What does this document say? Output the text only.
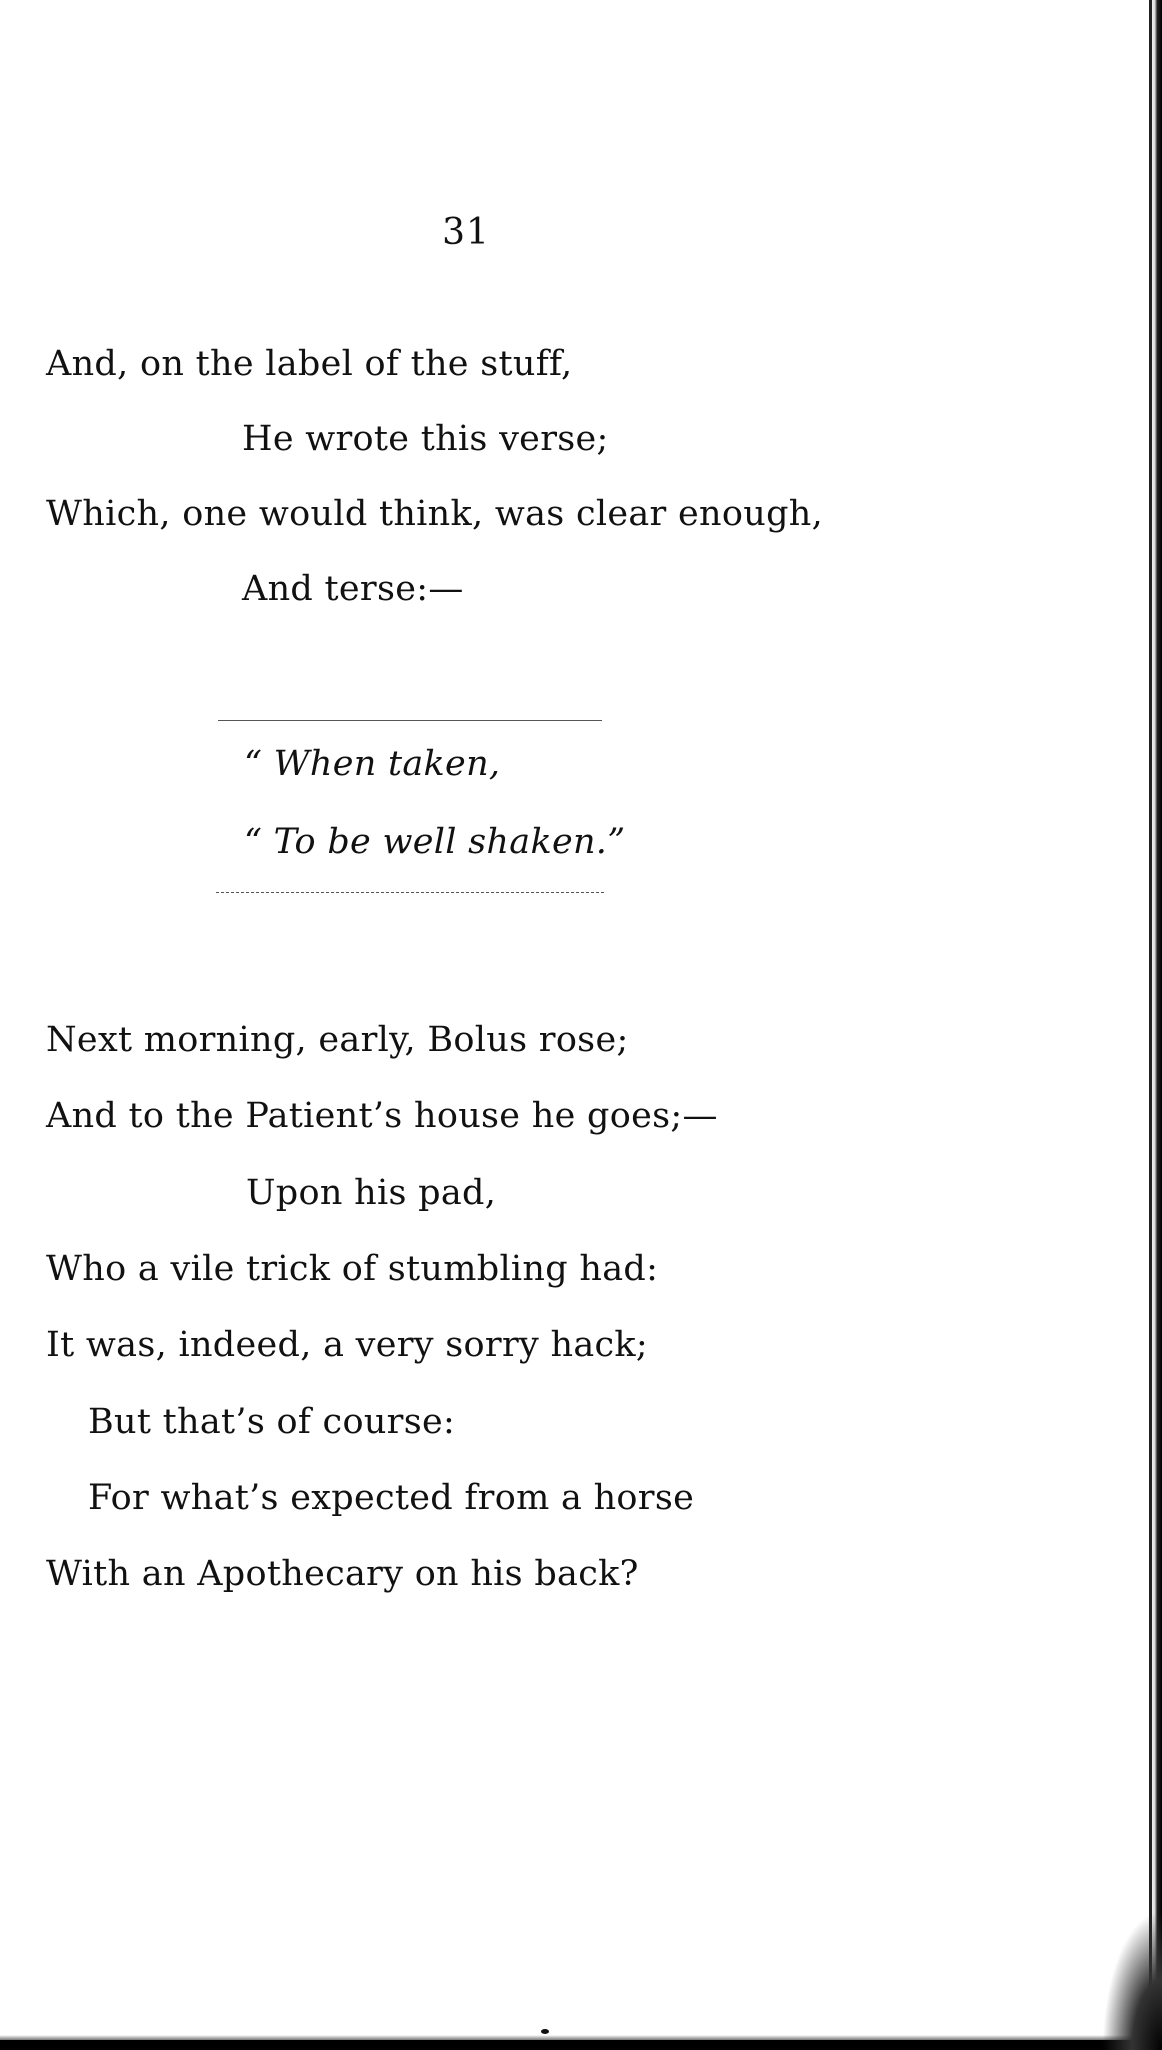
31
And, on the label of the stuff,
He wrote this verse;
Which, one would think, was clear enough,
And terse:—
“ When taken,
“ To be well shaken.”
Next morning, early, Bolus rose;
And to the Patient’s house he goes;—
Upon his pad,
Who a vile trick of stumbling had:
It was, indeed, a very sorry hack;
But that’s of course:
For what’s expected from a horse
With an Apothecary on his back?
